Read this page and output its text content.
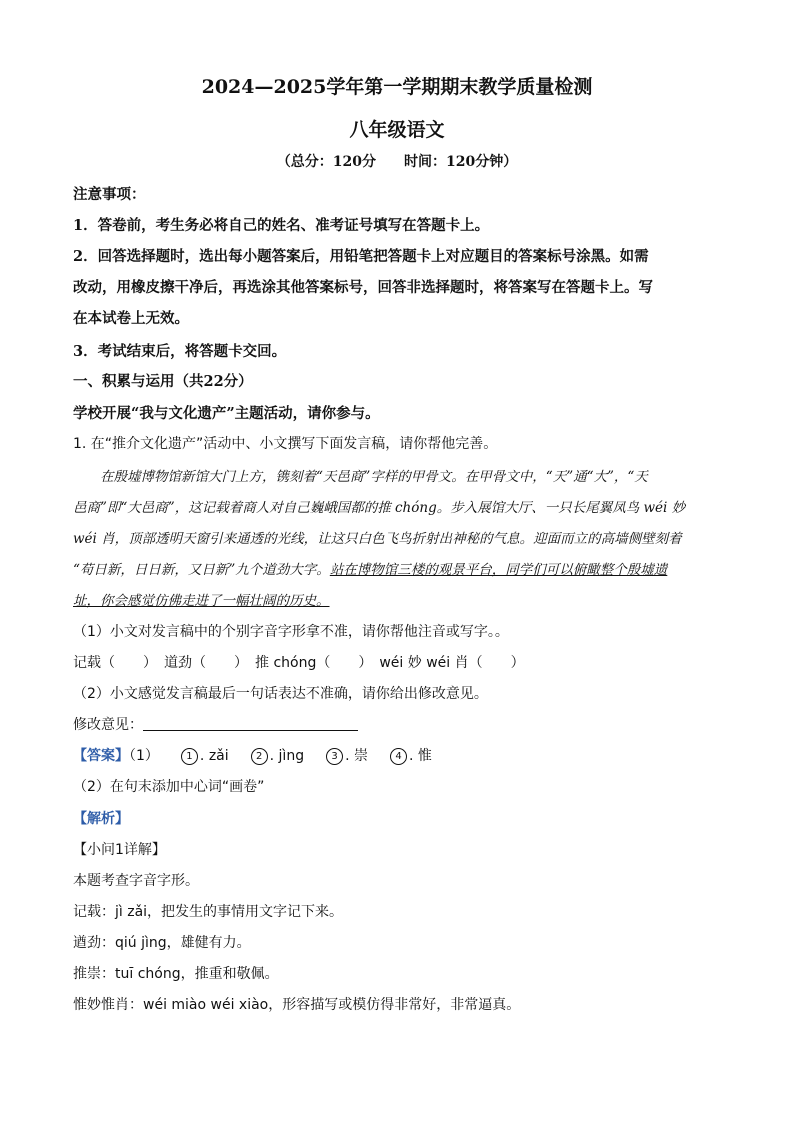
2024—2025学年第一学期期末教学质量检测
八年级语文
（总分：120分　　时间：120分钟）
注意事项：
1．答卷前，考生务必将自己的姓名、准考证号填写在答题卡上。
2．回答选择题时，选出每小题答案后，用铅笔把答题卡上对应题目的答案标号涂黑。如需
改动，用橡皮擦干净后，再选涂其他答案标号，回答非选择题时，将答案写在答题卡上。写
在本试卷上无效。
3．考试结束后，将答题卡交回。
一、积累与运用（共22分）
学校开展“我与文化遗产”主题活动，请你参与。
1. 在“推介文化遗产”活动中、小文撰写下面发言稿，请你帮他完善。
在殷墟博物馆新馆大门上方，镌刻着“天邑商”字样的甲骨文。在甲骨文中，“天”通“大”，“天
邑商”即“大邑商”，这记载着商人对自己巍峨国都的推 chóng。步入展馆大厅、一只长尾翼凤鸟 wéi 妙
wéi 肖，顶部透明天窗引来通透的光线，让这只白色飞鸟折射出神秘的气息。迎面而立的高墙侧壁刻着
“苟日新，日日新，又日新”九个道劲大字。站在博物馆三楼的观景平台，同学们可以俯瞰整个殷墟遗
址，你会感觉仿佛走进了一幅壮阔的历史。
（1）小文对发言稿中的个别字音字形拿不准，请你帮他注音或写字。。
记载（　　）　道劲（　　）　推 chóng（　　）　wéi 妙 wéi 肖（　　）
（2）小文感觉发言稿最后一句话表达不准确，请你给出修改意见。
修改意见：
【答案】（1）	1 . zǎi	2 . jìng	3 . 崇	4 . 惟
（2）在句末添加中心词“画卷”
【解析】
【小问1详解】
本题考查字音字形。
记载：jì zǎi，把发生的事情用文字记下来。
遒劲：qiú jìng，雄健有力。
推崇：tuī chóng，推重和敬佩。
惟妙惟肖：wéi miào wéi xiào，形容描写或模仿得非常好，非常逼真。
